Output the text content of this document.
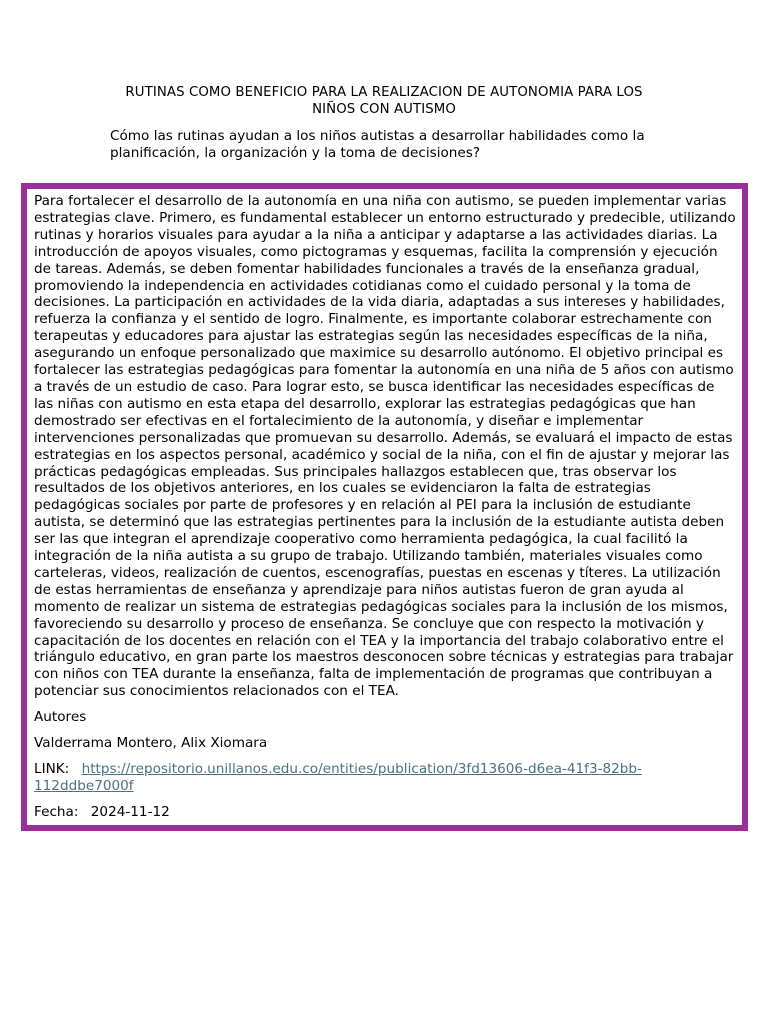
RUTINAS COMO BENEFICIO PARA LA REALIZACION DE AUTONOMIA PARA LOS NIÑOS CON AUTISMO

Cómo las rutinas ayudan a los niños autistas a desarrollar habilidades como la planificación, la organización y la toma de decisiones?

Para fortalecer el desarrollo de la autonomía en una niña con autismo, se pueden implementar varias estrategias clave. Primero, es fundamental establecer un entorno estructurado y predecible, utilizando rutinas y horarios visuales para ayudar a la niña a anticipar y adaptarse a las actividades diarias. La introducción de apoyos visuales, como pictogramas y esquemas, facilita la comprensión y ejecución de tareas. Además, se deben fomentar habilidades funcionales a través de la enseñanza gradual, promoviendo la independencia en actividades cotidianas como el cuidado personal y la toma de decisiones. La participación en actividades de la vida diaria, adaptadas a sus intereses y habilidades, refuerza la confianza y el sentido de logro. Finalmente, es importante colaborar estrechamente con terapeutas y educadores para ajustar las estrategias según las necesidades específicas de la niña, asegurando un enfoque personalizado que maximice su desarrollo autónomo. El objetivo principal es fortalecer las estrategias pedagógicas para fomentar la autonomía en una niña de 5 años con autismo a través de un estudio de caso. Para lograr esto, se busca identificar las necesidades específicas de las niñas con autismo en esta etapa del desarrollo, explorar las estrategias pedagógicas que han demostrado ser efectivas en el fortalecimiento de la autonomía, y diseñar e implementar intervenciones personalizadas que promuevan su desarrollo. Además, se evaluará el impacto de estas estrategias en los aspectos personal, académico y social de la niña, con el fin de ajustar y mejorar las prácticas pedagógicas empleadas. Sus principales hallazgos establecen que, tras observar los resultados de los objetivos anteriores, en los cuales se evidenciaron la falta de estrategias pedagógicas sociales por parte de profesores y en relación al PEI para la inclusión de estudiante autista, se determinó que las estrategias pertinentes para la inclusión de la estudiante autista deben ser las que integran el aprendizaje cooperativo como herramienta pedagógica, la cual facilitó la integración de la niña autista a su grupo de trabajo. Utilizando también, materiales visuales como carteleras, videos, realización de cuentos, escenografías, puestas en escenas y títeres. La utilización de estas herramientas de enseñanza y aprendizaje para niños autistas fueron de gran ayuda al momento de realizar un sistema de estrategias pedagógicas sociales para la inclusión de los mismos, favoreciendo su desarrollo y proceso de enseñanza. Se concluye que con respecto la motivación y capacitación de los docentes en relación con el TEA y la importancia del trabajo colaborativo entre el triángulo educativo, en gran parte los maestros desconocen sobre técnicas y estrategias para trabajar con niños con TEA durante la enseñanza, falta de implementación de programas que contribuyan a potenciar sus conocimientos relacionados con el TEA.

Autores

Valderrama Montero, Alix Xiomara

LINK: https://repositorio.unillanos.edu.co/entities/publication/3fd13606-d6ea-41f3-82bb-112ddbe7000f

Fecha: 2024-11-12
